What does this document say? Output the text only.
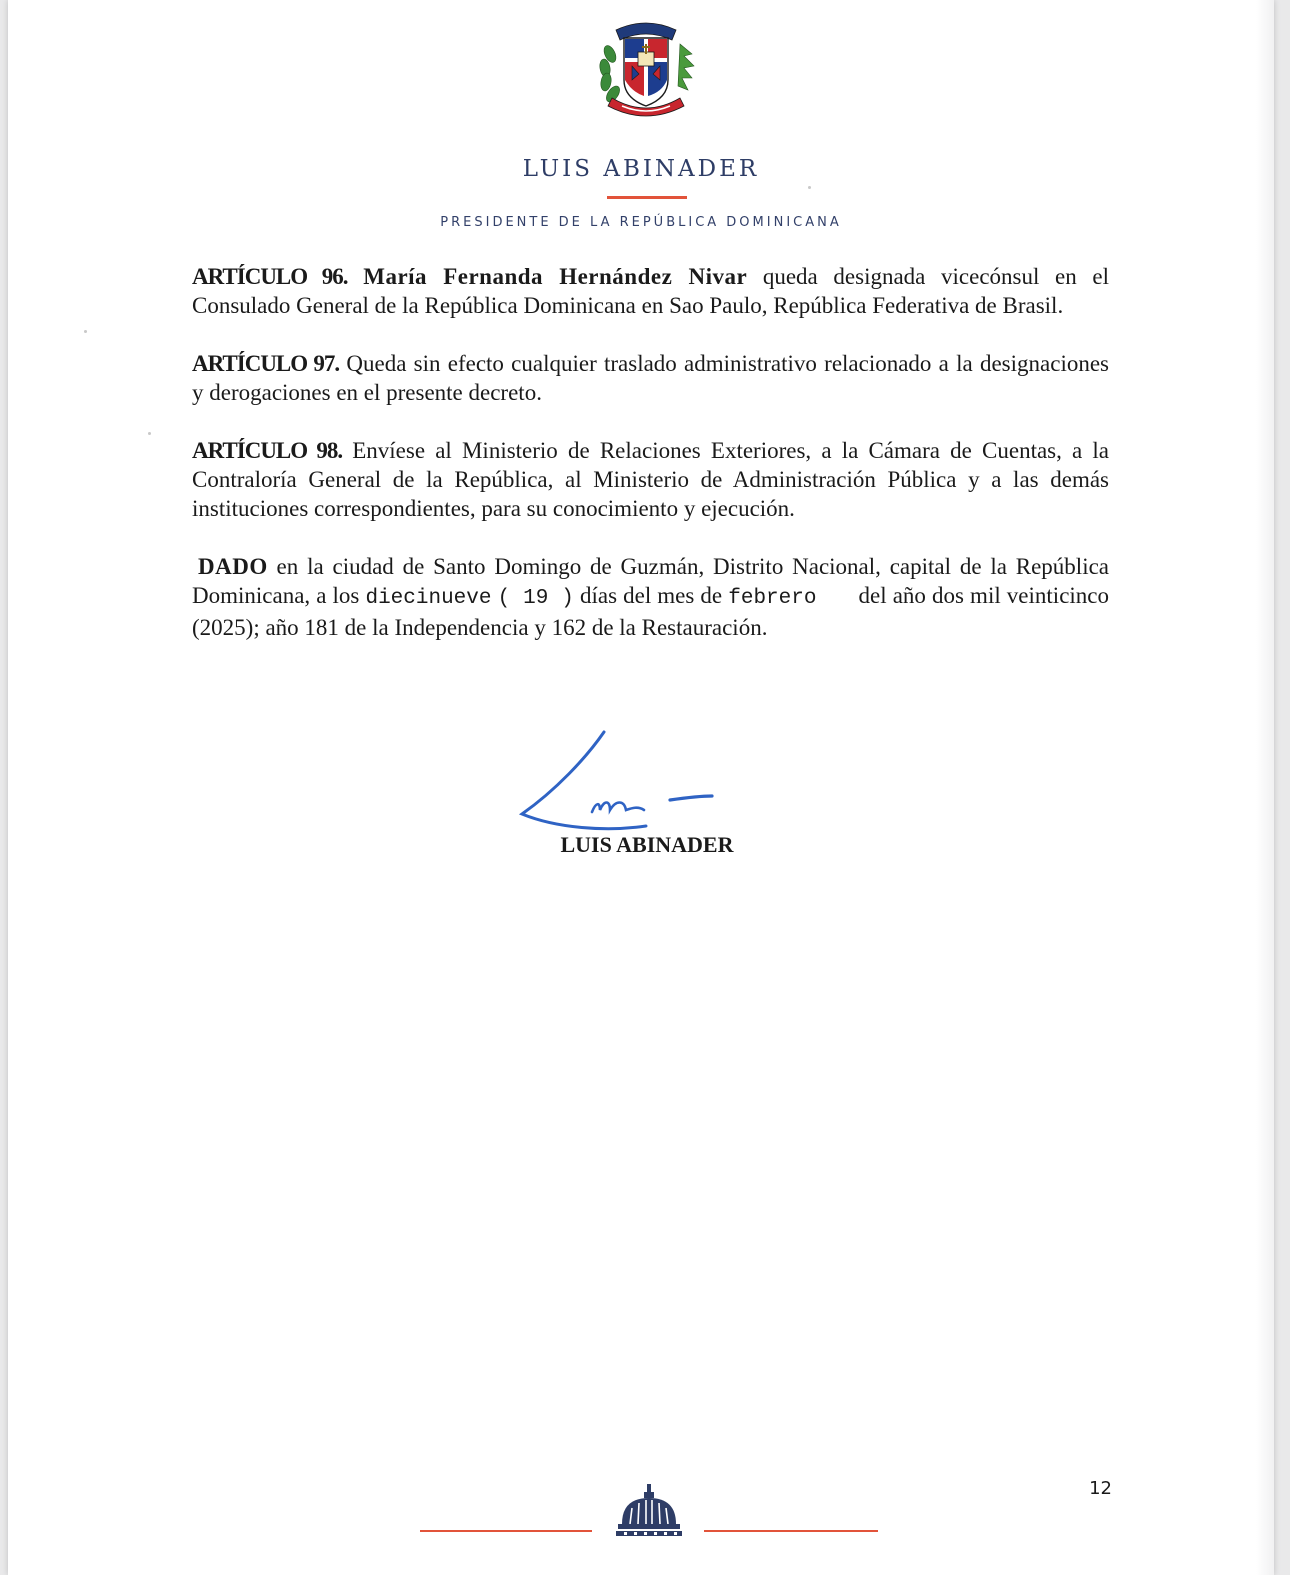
LUIS ABINADER
PRESIDENTE DE LA REPÚBLICA DOMINICANA

ARTÍCULO 96. María Fernanda Hernández Nivar queda designada vicecónsul en el Consulado General de la República Dominicana en Sao Paulo, República Federativa de Brasil.

ARTÍCULO 97. Queda sin efecto cualquier traslado administrativo relacionado a la designaciones y derogaciones en el presente decreto.

ARTÍCULO 98. Envíese al Ministerio de Relaciones Exteriores, a la Cámara de Cuentas, a la Contraloría General de la República, al Ministerio de Administración Pública y a las demás instituciones correspondientes, para su conocimiento y ejecución.

DADO en la ciudad de Santo Domingo de Guzmán, Distrito Nacional, capital de la República Dominicana, a los diecinueve ( 19 ) días del mes de febrero del año dos mil veinticinco (2025); año 181 de la Independencia y 162 de la Restauración.

LUIS ABINADER
12
